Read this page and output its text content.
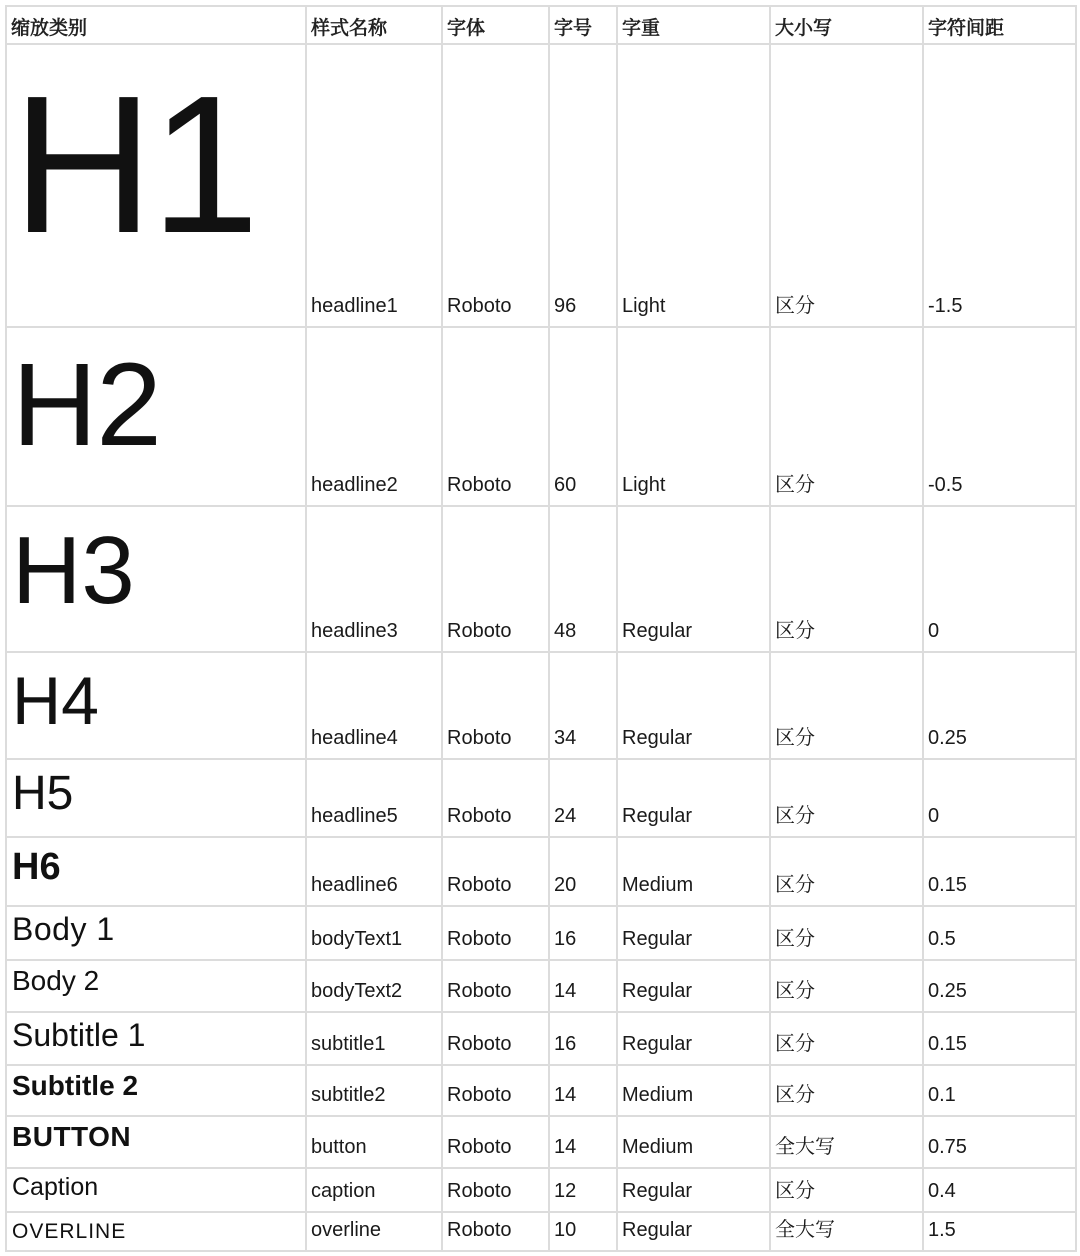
缩放类别	样式名称	字体	字号	字重	大小写	字符间距

H1	headline1	Roboto	96	Light	区分	-1.5

H2	headline2	Roboto	60	Light	区分	-0.5

H3	headline3	Roboto	48	Regular	区分	0

H4	headline4	Roboto	34	Regular	区分	0.25

H5	headline5	Roboto	24	Regular	区分	0

H6	headline6	Roboto	20	Medium	区分	0.15

Body 1	bodyText1	Roboto	16	Regular	区分	0.5

Body 2	bodyText2	Roboto	14	Regular	区分	0.25

Subtitle 1	subtitle1	Roboto	16	Regular	区分	0.15

Subtitle 2	subtitle2	Roboto	14	Medium	区分	0.1

BUTTON	button	Roboto	14	Medium	全大写	0.75

Caption	caption	Roboto	12	Regular	区分	0.4

OVERLINE	overline	Roboto	10	Regular	全大写	1.5
